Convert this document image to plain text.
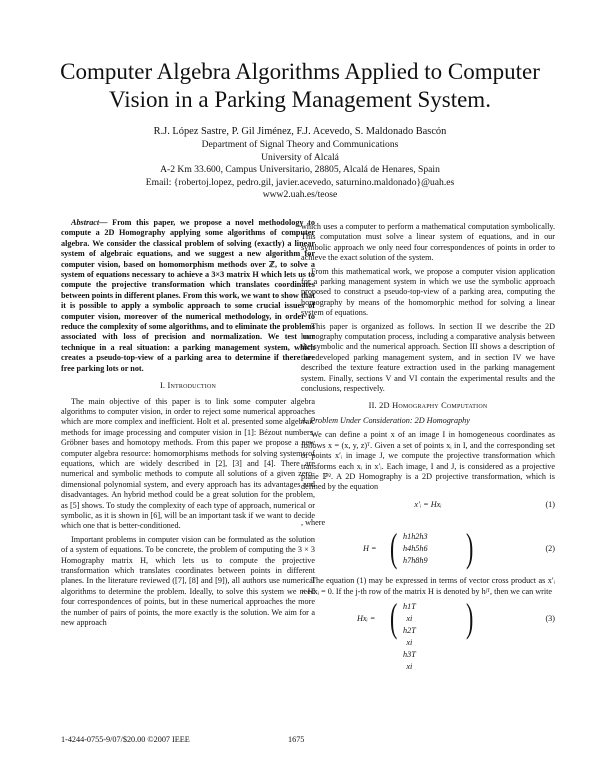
Computer Algebra Algorithms Applied to Computer
Vision in a Parking Management System.
R.J. López Sastre, P. Gil Jiménez, F.J. Acevedo, S. Maldonado Bascón
Department of Signal Theory and Communications
University of Alcalá
A-2 Km 33.600, Campus Universitario, 28805, Alcalá de Henares, Spain
Email: {robertoj.lopez, pedro.gil, javier.acevedo, saturnino.maldonado}@uah.es
www2.uah.es/teose

Abstract— From this paper, we propose a novel methodology to compute a 2D Homography applying some algorithms of computer algebra. We consider the classical problem of solving (exactly) a linear system of algebraic equations, and we suggest a new algorithm for computer vision, based on homomorphism methods over ℤ, to solve a system of equations necessary to achieve a 3×3 matrix H which lets us to compute the projective transformation which translates coordinates between points in different planes. From this work, we want to show that it is possible to apply a symbolic approach to some crucial issues of computer vision, moreover of the numerical methodology, in order to reduce the complexity of some algorithms, and to eliminate the problems associated with loss of precision and normalization. We test our technique in a real situation: a parking management system, which creates a pseudo-top-view of a parking area to determine if there are free parking lots or not.

I. Introduction

The main objective of this paper is to link some computer algebra algorithms to computer vision, in order to reject some numerical approaches which are more complex and inefficient. Holt et al. presented some algebraic methods for image processing and computer vision in [1]: Bézout numbers, Gröbner bases and homotopy methods. From this paper we propose a new computer algebra resource: homomorphisms methods for solving systems of equations, which are widely described in [2], [3] and [4]. There are numerical and symbolic methods to compute all solutions of a given zero-dimensional polynomial system, and every approach has its advantages and disadvantages. An hybrid method could be a great solution for the problem, as [5] shows. To study the complexity of each type of approach, numerical or symbolic, as it is shown in [6], will be an important task if we want to decide which one that is better-conditioned.

Important problems in computer vision can be formulated as the solution of a system of equations. To be concrete, the problem of computing the 3 × 3 Homography matrix H, which lets us to compute the projective transformation which translates coordinates between points in different planes. In the literature reviewed ([7], [8] and [9]), all authors use numerical algorithms to determine the problem. Ideally, to solve this system we need four correspondences of points, but in these numerical approaches the more the number of pairs of points, the more exactly is the solution. We aim for a new approach

which uses a computer to perform a mathematical computation symbolically. This computation must solve a linear system of equations, and in our symbolic approach we only need four correspondences of points in order to achieve the exact solution of the system.

From this mathematical work, we propose a computer vision application for a parking management system in which we use the symbolic approach proposed to construct a pseudo-top-view of a parking area, computing the homography by means of the homomorphic method for solving a linear system of equations.

This paper is organized as follows. In section II we describe the 2D homography computation process, including a comparative analysis between the symbolic and the numerical approach. Section III shows a description of the developed parking management system, and in section IV we have described the texture feature extraction used in the parking management system. Finally, sections V and VI contain the experimental results and the conclusions, respectively.

II. 2D Homography Computation
A. Problem Under Consideration: 2D Homography

We can define a point x of an image I in homogeneous coordinates as follows x = (x, y, z)ᵀ. Given a set of points xᵢ in I, and the corresponding set of points x′ᵢ in image J, we compute the projective transformation which transforms each xᵢ in x′ᵢ. Each image, I and J, is considered as a projective plane ℙ². A 2D Homography is a 2D projective transformation, which is defined by the equation

x′ᵢ = Hxᵢ	(1)
, where
H = ( h1	h2	h3
h4	h5	h6
h7	h8	h9 )	(2)

The equation (1) may be expressed in terms of vector cross product as x′ᵢ × Hxᵢ = 0. If the j-th row of the matrix H is denoted by hʲᵀ, then we can write

Hxᵢ = ( h1T xi
h2T xi
h3T xi
)	(3)
1-4244-0755-9/07/$20.00 ©2007 IEEE	1675
